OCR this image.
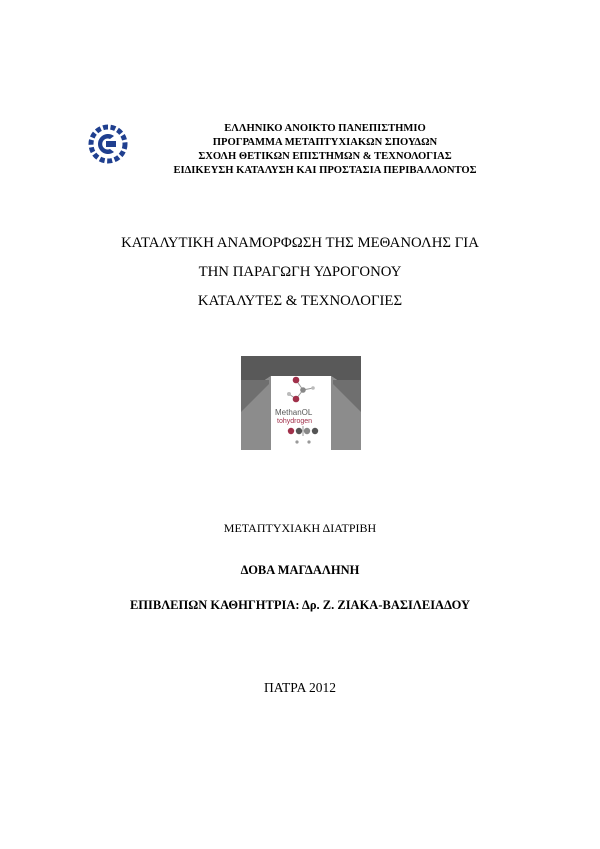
ΕΛΛΗΝΙΚΟ ΑΝΟΙΚΤΟ ΠΑΝΕΠΙΣΤΗΜΙΟ
ΠΡΟΓΡΑΜΜΑ ΜΕΤΑΠΤΥΧΙΑΚΩΝ ΣΠΟΥΔΩΝ
ΣΧΟΛΗ ΘΕΤΙΚΩΝ ΕΠΙΣΤΗΜΩΝ & ΤΕΧΝΟΛΟΓΙΑΣ
ΕΙΔΙΚΕΥΣΗ ΚΑΤΑΛΥΣΗ ΚΑΙ ΠΡΟΣΤΑΣΙΑ ΠΕΡΙΒΑΛΛΟΝΤΟΣ
ΚΑΤΑΛΥΤΙΚΗ ΑΝΑΜΟΡΦΩΣΗ ΤΗΣ ΜΕΘΑΝΟΛΗΣ ΓΙΑ
ΤΗΝ ΠΑΡΑΓΩΓΗ ΥΔΡΟΓΟΝΟΥ
ΚΑΤΑΛΥΤΕΣ & ΤΕΧΝΟΛΟΓΙΕΣ
MethanOL
tohydrogen
ΜΕΤΑΠΤΥΧΙΑΚΗ ΔΙΑΤΡΙΒΗ
ΔΟΒΑ ΜΑΓΔΑΛΗΝΗ
ΕΠΙΒΛΕΠΩΝ ΚΑΘΗΓΗΤΡΙΑ: Δρ. Ζ. ΖΙΑΚΑ-ΒΑΣΙΛΕΙΑΔΟΥ
ΠΑΤΡΑ 2012
